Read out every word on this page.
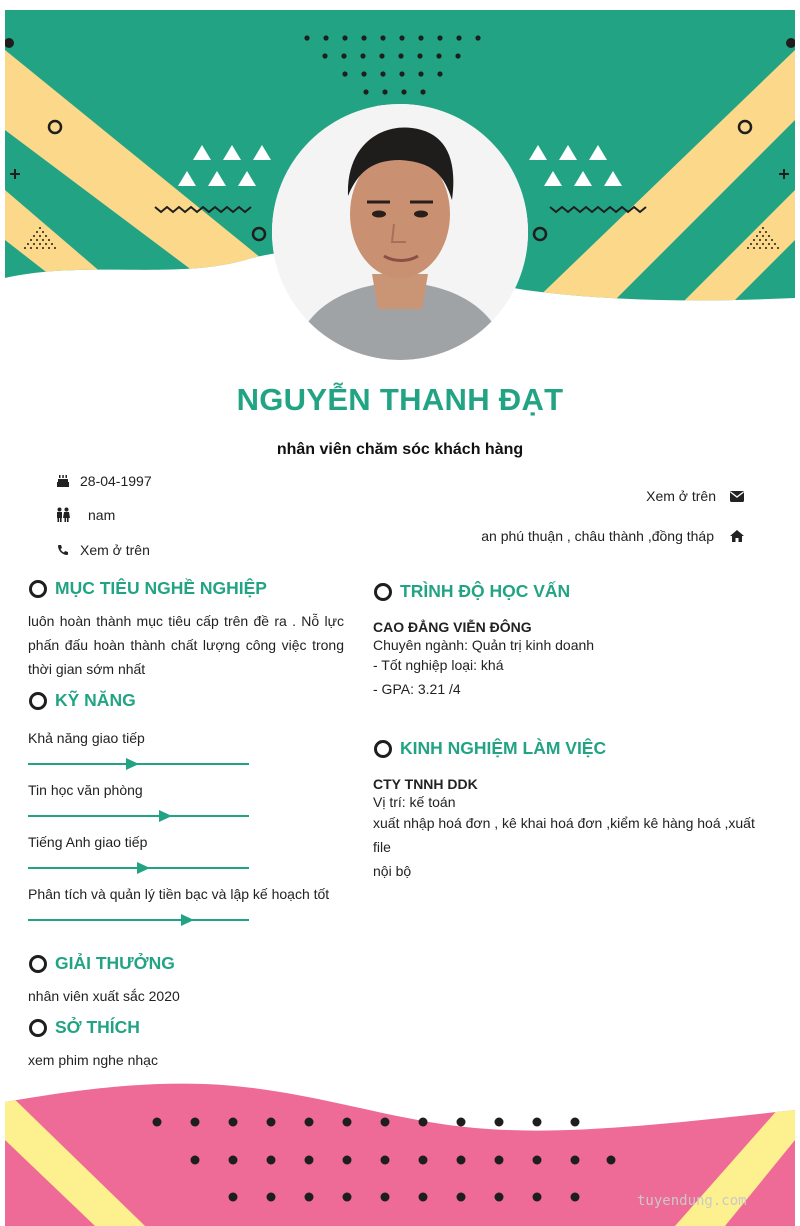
NGUYỄN THANH ĐẠT
nhân viên chăm sóc khách hàng
28-04-1997
nam
Xem ở trên
Xem ở trên
an phú thuận , châu thành ,đồng tháp
MỤC TIÊU NGHỀ NGHIỆP
luôn hoàn thành mục tiêu cấp trên đề ra . Nỗ lực
phấn đấu hoàn thành chất lượng công việc trong
thời gian sớm nhất
KỸ NĂNG
Khả năng giao tiếp
Tin học văn phòng
Tiếng Anh giao tiếp
Phân tích và quản lý tiền bạc và lập kế hoạch tốt
GIẢI THƯỞNG
nhân viên xuất sắc 2020
SỞ THÍCH
xem phim nghe nhạc
TRÌNH ĐỘ HỌC VẤN
CAO ĐẲNG VIỄN ĐÔNG
Chuyên ngành: Quản trị kinh doanh
- Tốt nghiệp loại: khá
- GPA: 3.21 /4
KINH NGHIỆM LÀM VIỆC
CTY TNNH DDK
Vị trí: kế toán
xuất nhập hoá đơn , kê khai hoá đơn ,kiểm kê hàng hoá ,xuất file
nội bộ
tuyendung.com
